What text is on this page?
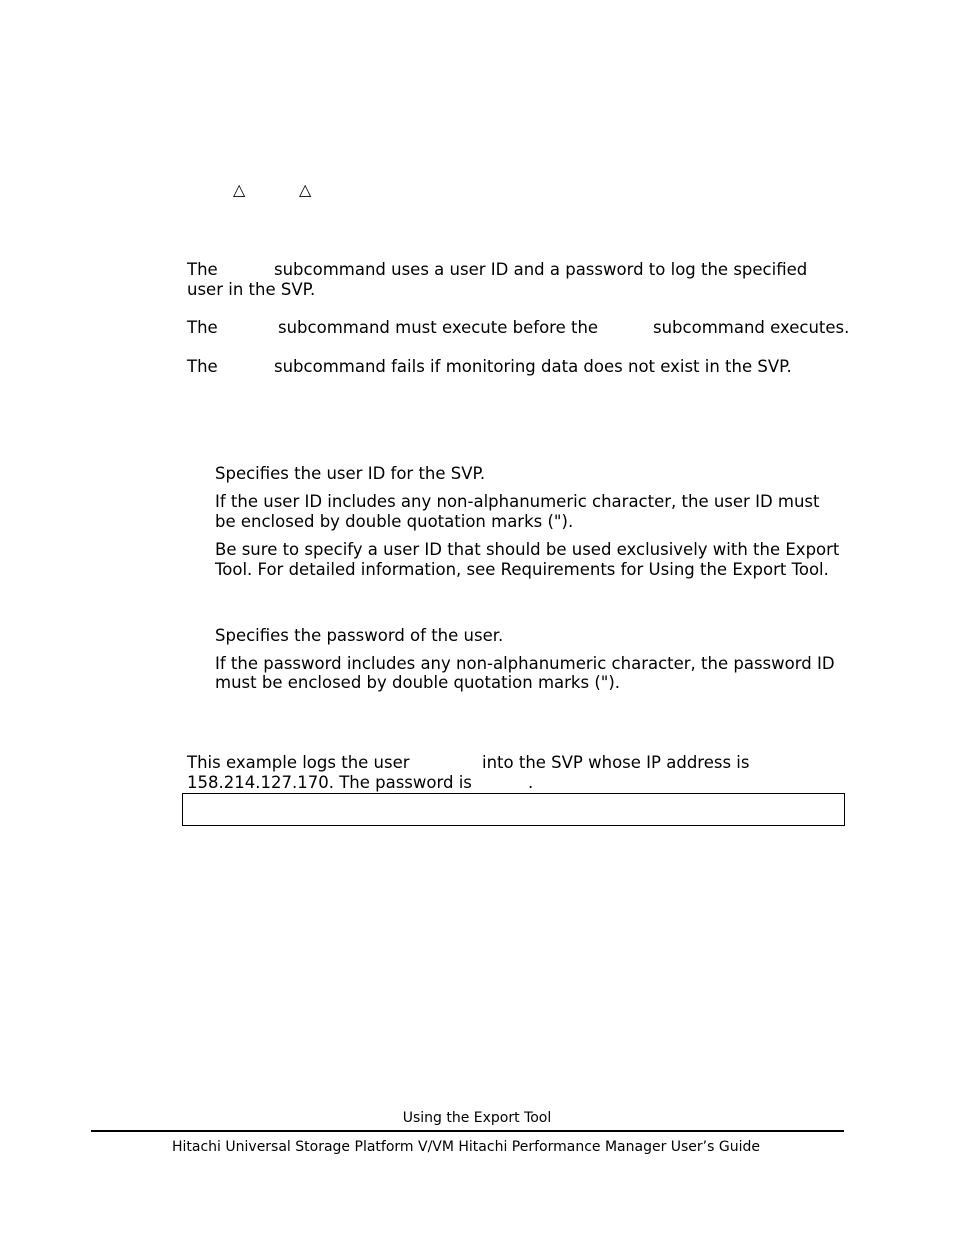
△	△

The	subcommand uses a user ID and a password to log the specified

user in the SVP.

The	subcommand must execute before the	subcommand executes.

The	subcommand fails if monitoring data does not exist in the SVP.

Specifies the user ID for the SVP.

If the user ID includes any non-alphanumeric character, the user ID must

be enclosed by double quotation marks (").

Be sure to specify a user ID that should be used exclusively with the Export

Tool. For detailed information, see Requirements for Using the Export Tool.

Specifies the password of the user.

If the password includes any non-alphanumeric character, the password ID

must be enclosed by double quotation marks (").

This example logs the user	into the SVP whose IP address is

158.214.127.170. The password is	.

Using the Export Tool
Hitachi Universal Storage Platform V/VM Hitachi Performance Manager User’s Guide
